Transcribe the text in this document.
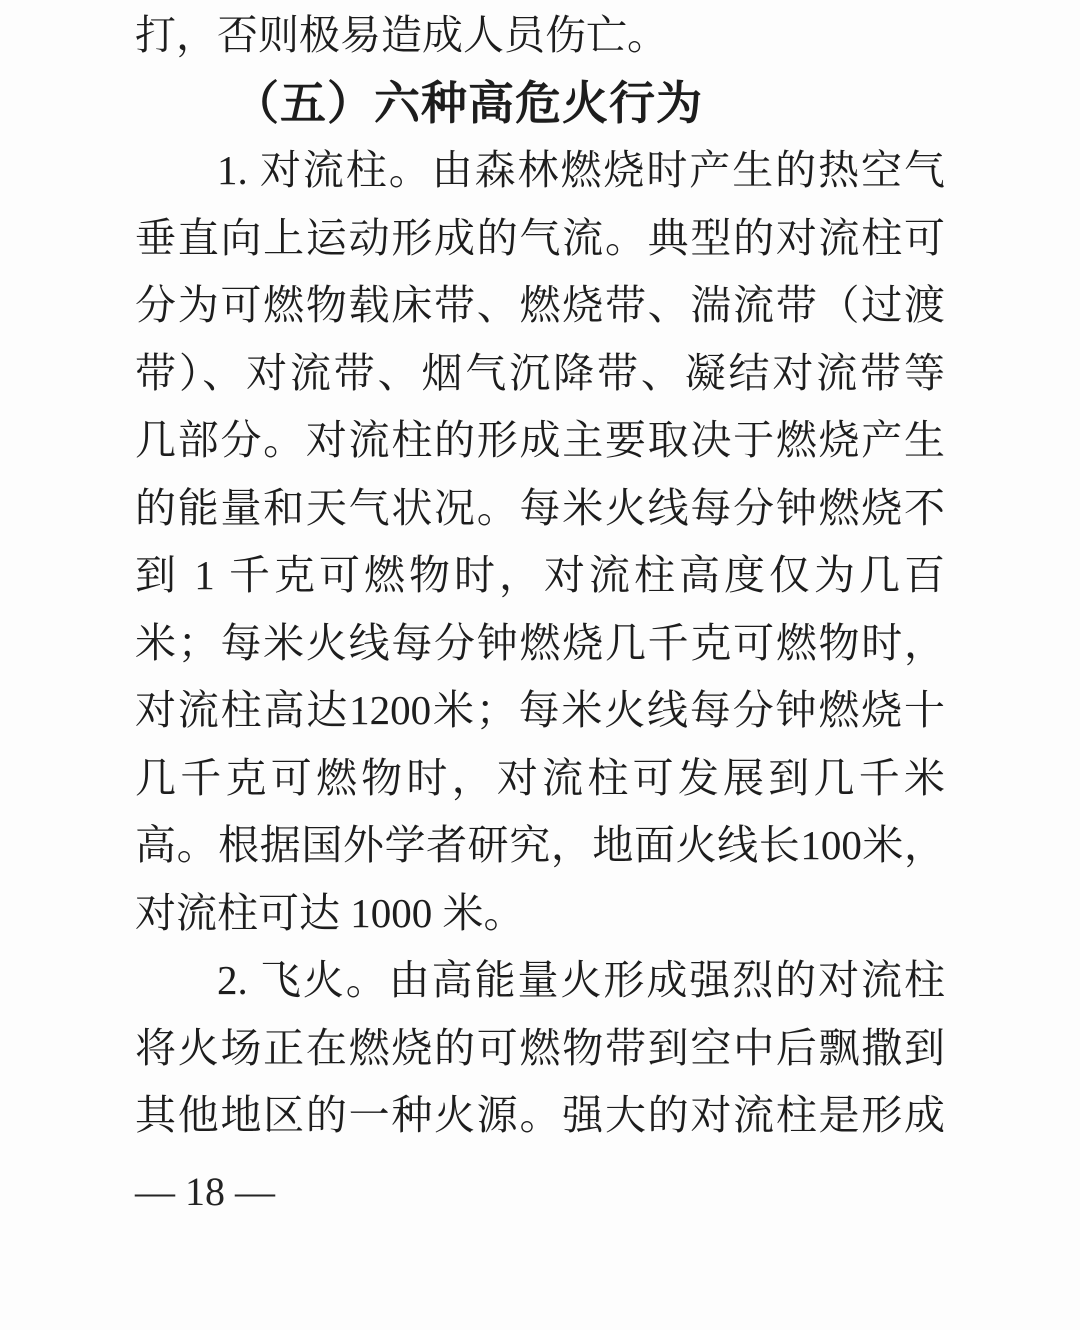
打，否则极易造成人员伤亡。
（五）六种高危火行为
1. 对流柱。由森林燃烧时产生的热空气
垂直向上运动形成的气流。典型的对流柱可
分为可燃物载床带、燃烧带、湍流带（过渡
带）、对流带、烟气沉降带、凝结对流带等
几部分。对流柱的形成主要取决于燃烧产生
的能量和天气状况。每米火线每分钟燃烧不
到 1 千克可燃物时，对流柱高度仅为几百
米；每米火线每分钟燃烧几千克可燃物时，
对流柱高达1200米；每米火线每分钟燃烧十
几千克可燃物时，对流柱可发展到几千米
高。根据国外学者研究，地面火线长100米，
对流柱可达 1000 米。
2. 飞火。由高能量火形成强烈的对流柱
将火场正在燃烧的可燃物带到空中后飘撒到
其他地区的一种火源。强大的对流柱是形成
— 18 —
